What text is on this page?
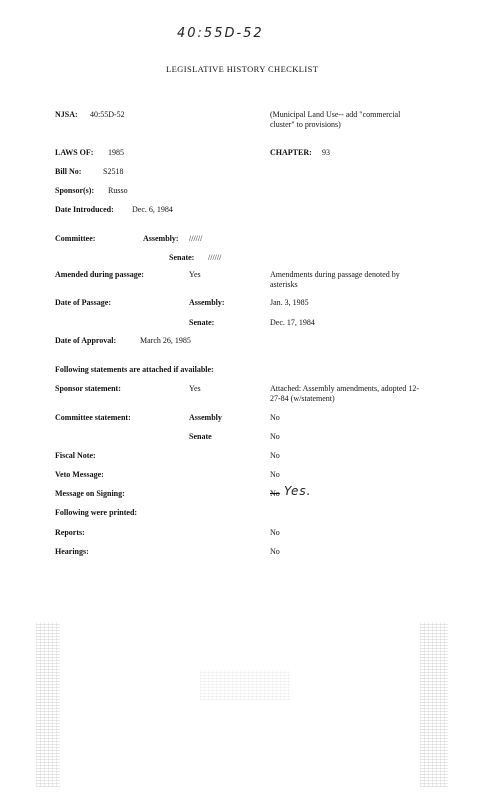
40:55D-52
LEGISLATIVE HISTORY CHECKLIST
NJSA: 40:55D-52	(Municipal Land Use-- add "commercial cluster" to provisions)
LAWS OF: 1985	CHAPTER: 93
Bill No:	S2518
Sponsor(s): Russo
Date Introduced: Dec. 6, 1984
Committee:	Assembly: //////
Senate: //////
Amended during passage:	Yes	Amendments during passage denoted by asterisks
Date of Passage:	Assembly:	Jan. 3, 1985
Senate:	Dec. 17, 1984
Date of Approval:	March 26, 1985
Following statements are attached if available:
Sponsor statement:	Yes	Attached: Assembly amendments, adopted 12-27-84 (w/statement)
Committee statement:	Assembly	No
Senate	No
Fiscal Note:	No
Veto Message:	No
Message on Signing:	No Yes.
Following were printed:
Reports:	No
Hearings:	No
